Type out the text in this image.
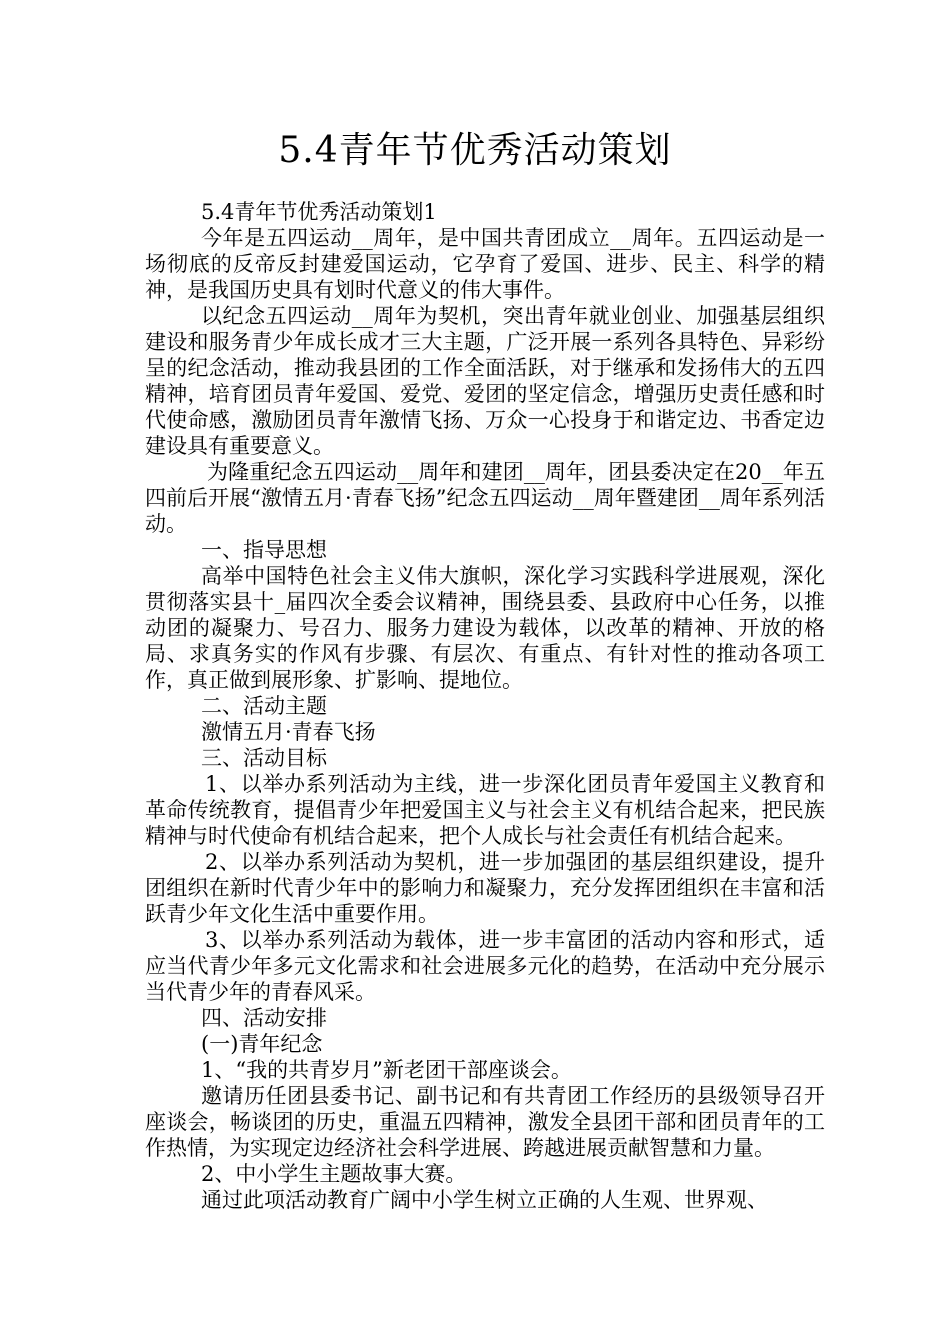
5.4青年节优秀活动策划

5.4青年节优秀活动策划1

今年是五四运动__周年，是中国共青团成立__周年。五四运动是一场彻底的反帝反封建爱国运动，它孕育了爱国、进步、民主、科学的精神，是我国历史具有划时代意义的伟大事件。

以纪念五四运动__周年为契机，突出青年就业创业、加强基层组织建设和服务青少年成长成才三大主题，广泛开展一系列各具特色、异彩纷呈的纪念活动，推动我县团的工作全面活跃，对于继承和发扬伟大的五四精神，培育团员青年爱国、爱党、爱团的坚定信念，增强历史责任感和时代使命感，激励团员青年激情飞扬、万众一心投身于和谐定边、书香定边建设具有重要意义。

为隆重纪念五四运动__周年和建团__周年，团县委决定在20__年五四前后开展“激情五月·青春飞扬”纪念五四运动__周年暨建团__周年系列活动。

一、指导思想

高举中国特色社会主义伟大旗帜，深化学习实践科学进展观，深化贯彻落实县十_届四次全委会议精神，围绕县委、县政府中心任务，以推动团的凝聚力、号召力、服务力建设为载体，以改革的精神、开放的格局、求真务实的作风有步骤、有层次、有重点、有针对性的推动各项工作，真正做到展形象、扩影响、提地位。

二、活动主题

激情五月·青春飞扬

三、活动目标

1、以举办系列活动为主线，进一步深化团员青年爱国主义教育和革命传统教育，提倡青少年把爱国主义与社会主义有机结合起来，把民族精神与时代使命有机结合起来，把个人成长与社会责任有机结合起来。

2、以举办系列活动为契机，进一步加强团的基层组织建设，提升团组织在新时代青少年中的影响力和凝聚力，充分发挥团组织在丰富和活跃青少年文化生活中重要作用。

3、以举办系列活动为载体，进一步丰富团的活动内容和形式，适应当代青少年多元文化需求和社会进展多元化的趋势，在活动中充分展示当代青少年的青春风采。

四、活动安排

(一)青年纪念

1、“我的共青岁月”新老团干部座谈会。

邀请历任团县委书记、副书记和有共青团工作经历的县级领导召开座谈会，畅谈团的历史，重温五四精神，激发全县团干部和团员青年的工作热情，为实现定边经济社会科学进展、跨越进展贡献智慧和力量。

2、中小学生主题故事大赛。

通过此项活动教育广阔中小学生树立正确的人生观、世界观、
